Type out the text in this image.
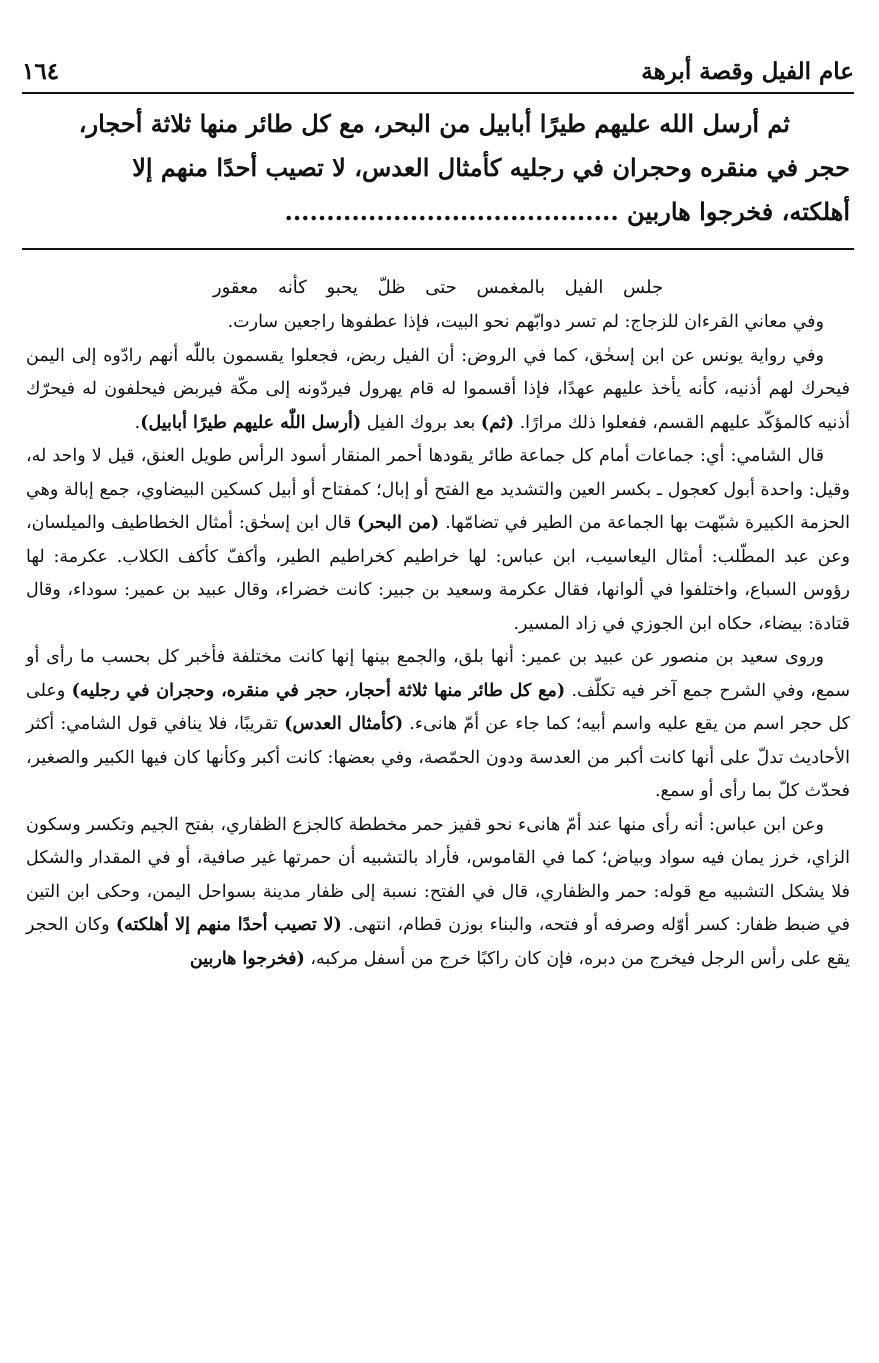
١٦٤	عام الفيل وقصة أبرهة

ثم أرسل الله عليهم طيرًا أبابيل من البحر، مع كل طائر منها ثلاثة أحجار،

حجر في منقره وحجران في رجليه كأمثال العدس، لا تصيب أحدًا منهم إلا

أهلكته، فخرجوا هاربين ........................................

جلس الفيل بالمغمس حتى ظلّ يحبو كأنه معقور

وفي معاني القرءان للزجاج: لم تسر دوابّهم نحو البيت، فإذا عطفوها راجعين سارت.

وفي رواية يونس عن ابن إسحٰق، كما في الروض: أن الفيل ربض، فجعلوا يقسمون باللّٰه أنهم رادّوه إلى اليمن فيحرك لهم أذنيه، كأنه يأخذ عليهم عهدًا، فإذا أقسموا له قام يهرول فيردّونه إلى مكّة فيربض فيحلفون له فيحرّك أذنيه كالمؤكّد عليهم القسم، ففعلوا ذلك مرارًا. (ثم) بعد بروك الفيل (أرسل اللّٰه عليهم طيرًا أبابيل).

قال الشامي: أي: جماعات أمام كل جماعة طائر يقودها أحمر المنقار أسود الرأس طويل العنق، قيل لا واحد له، وقيل: واحدة أبول كعجول ـ بكسر العين والتشديد مع الفتح أو إبال؛ كمفتاح أو أبيل كسكين البيضاوي، جمع إبالة وهي الحزمة الكبيرة شبّهت بها الجماعة من الطير في تضامّها. (من البحر) قال ابن إسحٰق: أمثال الخطاطيف والميلسان، وعن عبد المطّلب: أمثال اليعاسيب، ابن عباس: لها خراطيم كخراطيم الطير، وأكفّ كأكف الكلاب. عكرمة: لها رؤوس السباع، واختلفوا في ألوانها، فقال عكرمة وسعيد بن جبير: كانت خضراء، وقال عبيد بن عمير: سوداء، وقال قتادة: بيضاء، حكاه ابن الجوزي في زاد المسير.

وروى سعيد بن منصور عن عبيد بن عمير: أنها بلق، والجمع بينها إنها كانت مختلفة فأخبر كل بحسب ما رأى أو سمع، وفي الشرح جمع آخر فيه تكلّف. (مع كل طائر منها ثلاثة أحجار، حجر في منقره، وحجران في رجليه) وعلى كل حجر اسم من يقع عليه واسم أبيه؛ كما جاء عن أمّ هانىء. (كأمثال العدس) تقريبًا، فلا ينافي قول الشامي: أكثر الأحاديث تدلّ على أنها كانت أكبر من العدسة ودون الحمّصة، وفي بعضها: كانت أكبر وكأنها كان فيها الكبير والصغير، فحدّث كلّ بما رأى أو سمع.

وعن ابن عباس: أنه رأى منها عند أمّ هانىء نحو قفيز حمر مخططة كالجزع الظفاري، بفتح الجيم وتكسر وسكون الزاي، خرز يمان فيه سواد وبياض؛ كما في القاموس، فأراد بالتشبيه أن حمرتها غير صافية، أو في المقدار والشكل فلا يشكل التشبيه مع قوله: حمر والظفاري، قال في الفتح: نسبة إلى ظفار مدينة بسواحل اليمن، وحكى ابن التين في ضبط ظفار: كسر أوّله وصرفه أو فتحه، والبناء بوزن قطام، انتهى. (لا تصيب أحدًا منهم إلا أهلكته) وكان الحجر يقع على رأس الرجل فيخرج من دبره، فإن كان راكبًا خرج من أسفل مركبه، (فخرجوا هاربين
